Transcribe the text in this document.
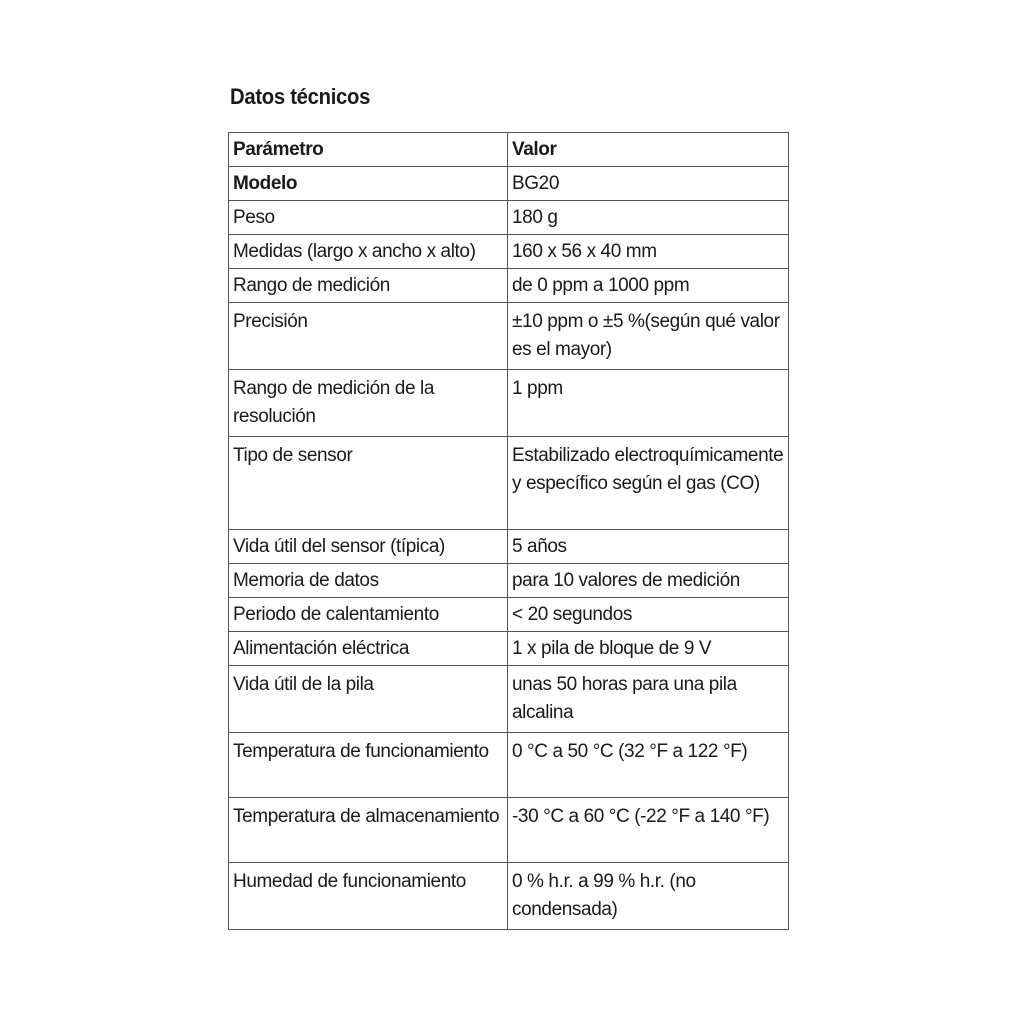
Datos técnicos
Parámetro	Valor
Modelo	BG20
Peso	180 g
Medidas (largo x ancho x alto)	160 x 56 x 40 mm
Rango de medición	de 0 ppm a 1000 ppm
Precisión	±10 ppm o ±5 %(según qué valor es el mayor)
Rango de medición de la resolución	1 ppm
Tipo de sensor	Estabilizado electroquímicamente y específico según el gas (CO)
Vida útil del sensor (típica)	5 años
Memoria de datos	para 10 valores de medición
Periodo de calentamiento	< 20 segundos
Alimentación eléctrica	1 x pila de bloque de 9 V
Vida útil de la pila	unas 50 horas para una pila alcalina
Temperatura de funcionamiento	0 °C a 50 °C (32 °F a 122 °F)
Temperatura de almacenamiento	-30 °C a 60 °C (-22 °F a 140 °F)
Humedad de funcionamiento	0 % h.r. a 99 % h.r. (no condensada)
